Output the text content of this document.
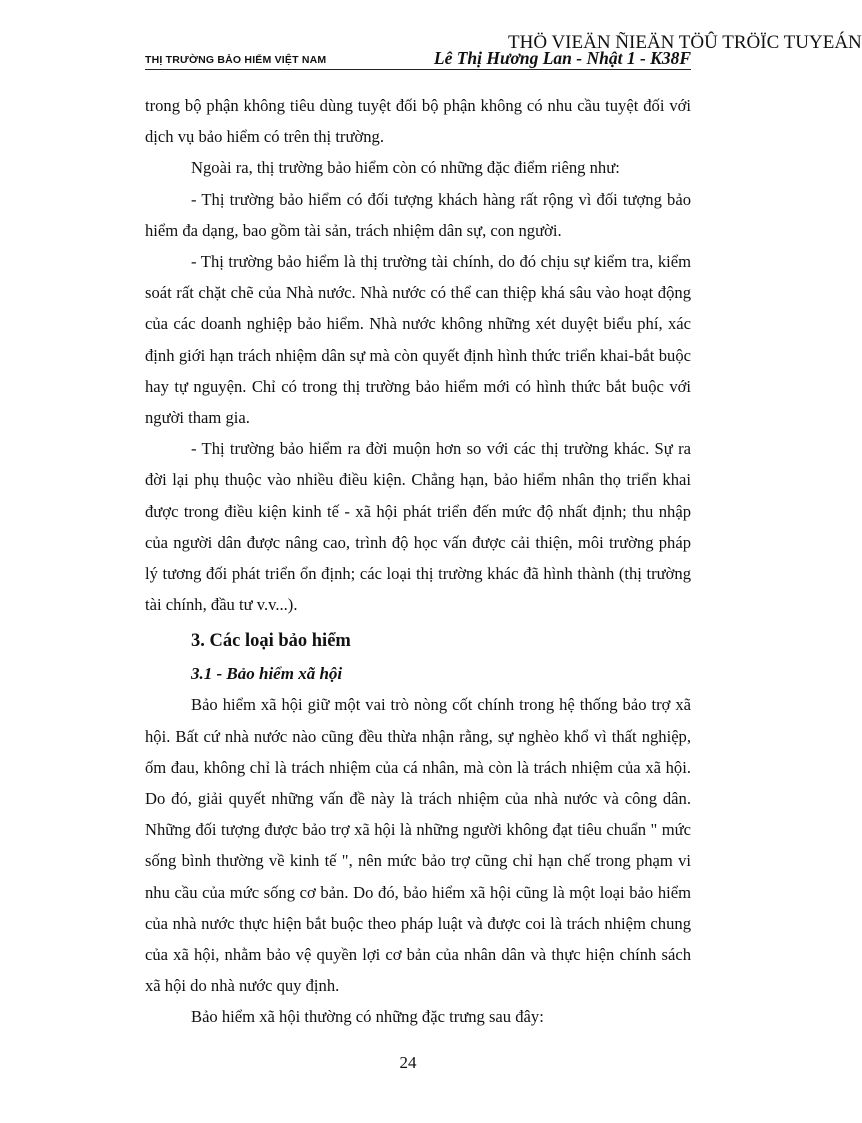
THỊ TRƯỜNG BẢO HIỂM VIỆT NAM	Lê Thị Hương Lan - Nhật 1 - K38F
THÖ VIEÄN ÑIEÄN TÖÛ TRÖÏC TUYEÁN

trong bộ phận không tiêu dùng tuyệt đối bộ phận không có nhu cầu tuyệt đối với dịch vụ bảo hiểm có trên thị trường.

Ngoài ra, thị trường bảo hiểm còn có những đặc điểm riêng như:

- Thị trường bảo hiểm có đối tượng khách hàng rất rộng vì đối tượng bảo hiểm đa dạng, bao gồm tài sản, trách nhiệm dân sự, con người.

- Thị trường bảo hiểm là thị trường tài chính, do đó chịu sự kiểm tra, kiểm soát rất chặt chẽ của Nhà nước. Nhà nước có thể can thiệp khá sâu vào hoạt động của các doanh nghiệp bảo hiểm. Nhà nước không những xét duyệt biểu phí, xác định giới hạn trách nhiệm dân sự mà còn quyết định hình thức triển khai-bắt buộc hay tự nguyện. Chỉ có trong thị trường bảo hiểm mới có hình thức bắt buộc với người tham gia.

- Thị trường bảo hiểm ra đời muộn hơn so với các thị trường khác. Sự ra đời lại phụ thuộc vào nhiều điều kiện. Chẳng hạn, bảo hiểm nhân thọ triển khai được trong điều kiện kinh tế - xã hội phát triển đến mức độ nhất định; thu nhập của người dân được nâng cao, trình độ học vấn được cải thiện, môi trường pháp lý tương đối phát triển ổn định; các loại thị trường khác đã hình thành (thị trường tài chính, đầu tư v.v...).

3. Các loại bảo hiểm
3.1 - Bảo hiểm xã hội

Bảo hiểm xã hội giữ một vai trò nòng cốt chính trong hệ thống bảo trợ xã hội. Bất cứ nhà nước nào cũng đều thừa nhận rằng, sự nghèo khổ vì thất nghiệp, ốm đau, không chỉ là trách nhiệm của cá nhân, mà còn là trách nhiệm của xã hội. Do đó, giải quyết những vấn đề này là trách nhiệm của nhà nước và công dân. Những đối tượng được bảo trợ xã hội là những người không đạt tiêu chuẩn " mức sống bình thường về kinh tế ", nên mức bảo trợ cũng chỉ hạn chế trong phạm vi nhu cầu của mức sống cơ bản. Do đó, bảo hiểm xã hội cũng là một loại bảo hiểm của nhà nước thực hiện bắt buộc theo pháp luật và được coi là trách nhiệm chung của xã hội, nhằm bảo vệ quyền lợi cơ bản của nhân dân và thực hiện chính sách xã hội do nhà nước quy định.

Bảo hiểm xã hội thường có những đặc trưng sau đây:

24
